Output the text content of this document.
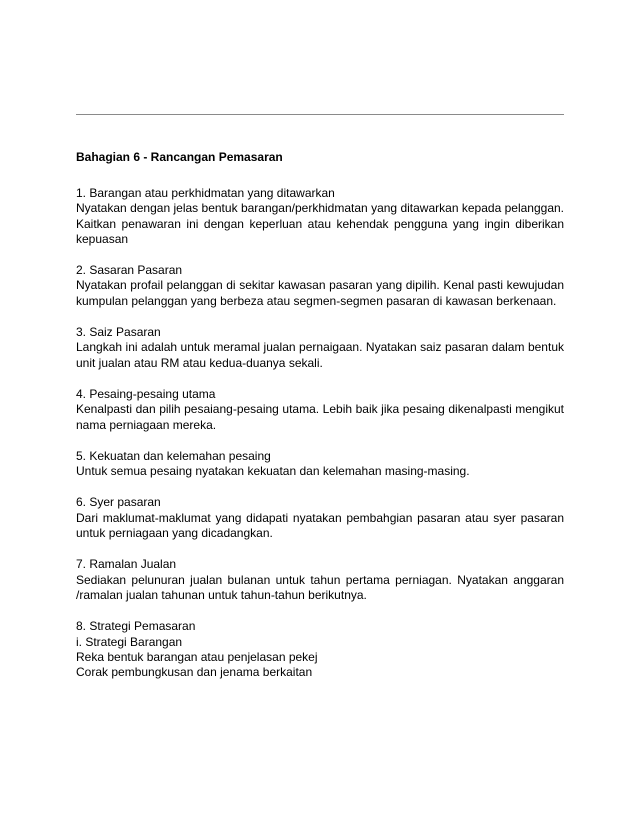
Bahagian 6 - Rancangan Pemasaran
1. Barangan atau perkhidmatan yang ditawarkan
Nyatakan dengan jelas bentuk barangan/perkhidmatan yang ditawarkan kepada pelanggan. Kaitkan penawaran ini dengan keperluan atau kehendak pengguna yang ingin diberikan kepuasan
2. Sasaran Pasaran
Nyatakan profail pelanggan di sekitar kawasan pasaran yang dipilih. Kenal pasti kewujudan kumpulan pelanggan yang berbeza atau segmen-segmen pasaran di kawasan berkenaan.
3. Saiz Pasaran
Langkah ini adalah untuk meramal jualan pernaigaan. Nyatakan saiz pasaran dalam bentuk unit jualan atau RM atau kedua-duanya sekali.
4. Pesaing-pesaing utama
Kenalpasti dan pilih pesaiang-pesaing utama. Lebih baik jika pesaing dikenalpasti mengikut nama perniagaan mereka.
5. Kekuatan dan kelemahan pesaing
Untuk semua pesaing nyatakan kekuatan dan kelemahan masing-masing.
6. Syer pasaran
Dari maklumat-maklumat yang didapati nyatakan pembahgian pasaran atau syer pasaran untuk perniagaan yang dicadangkan.
7. Ramalan Jualan
Sediakan pelunuran jualan bulanan untuk tahun pertama perniagan. Nyatakan anggaran /ramalan jualan tahunan untuk tahun-tahun berikutnya.
8. Strategi Pemasaran
i. Strategi Barangan
Reka bentuk barangan atau penjelasan pekej
Corak pembungkusan dan jenama berkaitan
